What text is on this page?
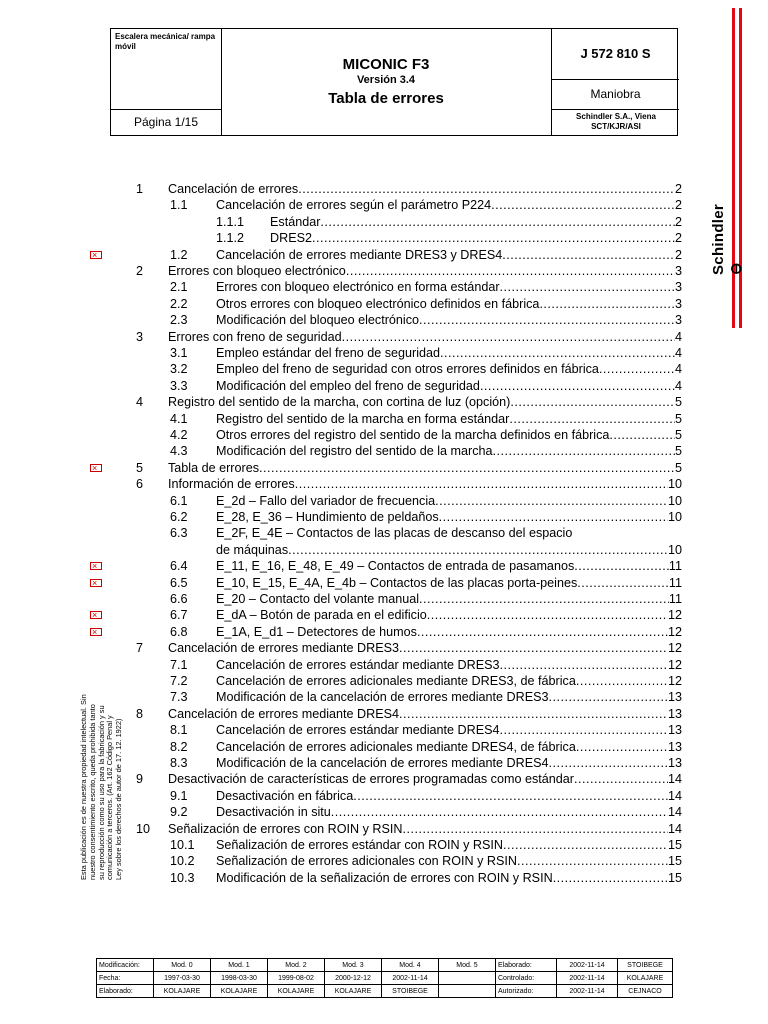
Escalera mecánica/ rampa móvil
Página 1/15
MICONIC F3
Versión 3.4
Tabla de errores
J 572 810 S
Maniobra
Schindler S.A., Viena SCT/KJR/ASI
Schindler ⊖
1 Cancelación de errores .....	2
1.1 Cancelación de errores según el parámetro P224 .....	2
1.1.1 Estándar .....	2
1.1.2 DRES2 .....	2
×
1.2 Cancelación de errores mediante DRES3 y DRES4 .....	2
2 Errores con bloqueo electrónico .....	3
2.1 Errores con bloqueo electrónico en forma estándar .....	3
2.2 Otros errores con bloqueo electrónico definidos en fábrica .....	3
2.3 Modificación del bloqueo electrónico .....	3
3 Errores con freno de seguridad .....	4
3.1 Empleo estándar del freno de seguridad .....	4
3.2 Empleo del freno de seguridad con otros errores definidos en fábrica .....	4
3.3 Modificación del empleo del freno de seguridad .....	4
4 Registro del sentido de la marcha, con cortina de luz (opción) .....	5
4.1 Registro del sentido de la marcha en forma estándar .....	5
4.2 Otros errores del registro del sentido de la marcha definidos en fábrica .....	5
4.3 Modificación del registro del sentido de la marcha .....	5
×
5 Tabla de errores .....	5
6 Información de errores .....	10
6.1 E_2d – Fallo del variador de frecuencia .....	10
6.2 E_28, E_36 – Hundimiento de peldaños .....	10
6.3 E_2F, E_4E – Contactos de las placas de descanso del espacio
de máquinas .....	10
×
6.4 E_11, E_16, E_48, E_49 – Contactos de entrada de pasamanos .....	11
×
6.5 E_10, E_15, E_4A, E_4b – Contactos de las placas porta-peines .....	11
6.6 E_20 – Contacto del volante manual .....	11
×
6.7 E_dA – Botón de parada en el edificio .....	12
×
6.8 E_1A, E_d1 – Detectores de humos .....	12
7 Cancelación de errores mediante DRES3 .....	12
7.1 Cancelación de errores estándar mediante DRES3 .....	12
7.2 Cancelación de errores adicionales mediante DRES3, de fábrica .....	12
7.3 Modificación de la cancelación de errores mediante DRES3 .....	13
8 Cancelación de errores mediante DRES4 .....	13
8.1 Cancelación de errores estándar mediante DRES4 .....	13
8.2 Cancelación de errores adicionales mediante DRES4, de fábrica .....	13
8.3 Modificación de la cancelación de errores mediante DRES4 .....	13
9 Desactivación de características de errores programadas como estándar .....	14
9.1 Desactivación en fábrica .....	14
9.2 Desactivación in situ .....	14
10 Señalización de errores con ROIN y RSIN .....	14
10.1 Señalización de errores estándar con ROIN y RSIN .....	15
10.2 Señalización de errores adicionales con ROIN y RSIN .....	15
10.3 Modificación de la señalización de errores con ROIN y RSIN .....	15
Esta publicación es de nuestra propiedad intelectual. Sin nuestro consentimiento escrito, queda prohibida tanto su reproducción como su uso para la fabricación y su comunicación a terceros. (Art. 162 Código Penal y Ley sobre los derechos de autor de 17. 12. 1922)
Modificación:	Mod. 0	Mod. 1	Mod. 2	Mod. 3	Mod. 4	Mod. 5	Elaborado:	2002-11-14	STOIBEGE
Fecha:	1997-03-30	1998-03-30	1999-08-02	2000-12-12	2002-11-14		Controlado:	2002-11-14	KOLAJARE
Elaborado:	KOLAJARE	KOLAJARE	KOLAJARE	KOLAJARE	STOIBEGE		Autorizado:	2002-11-14	CEJNACO
